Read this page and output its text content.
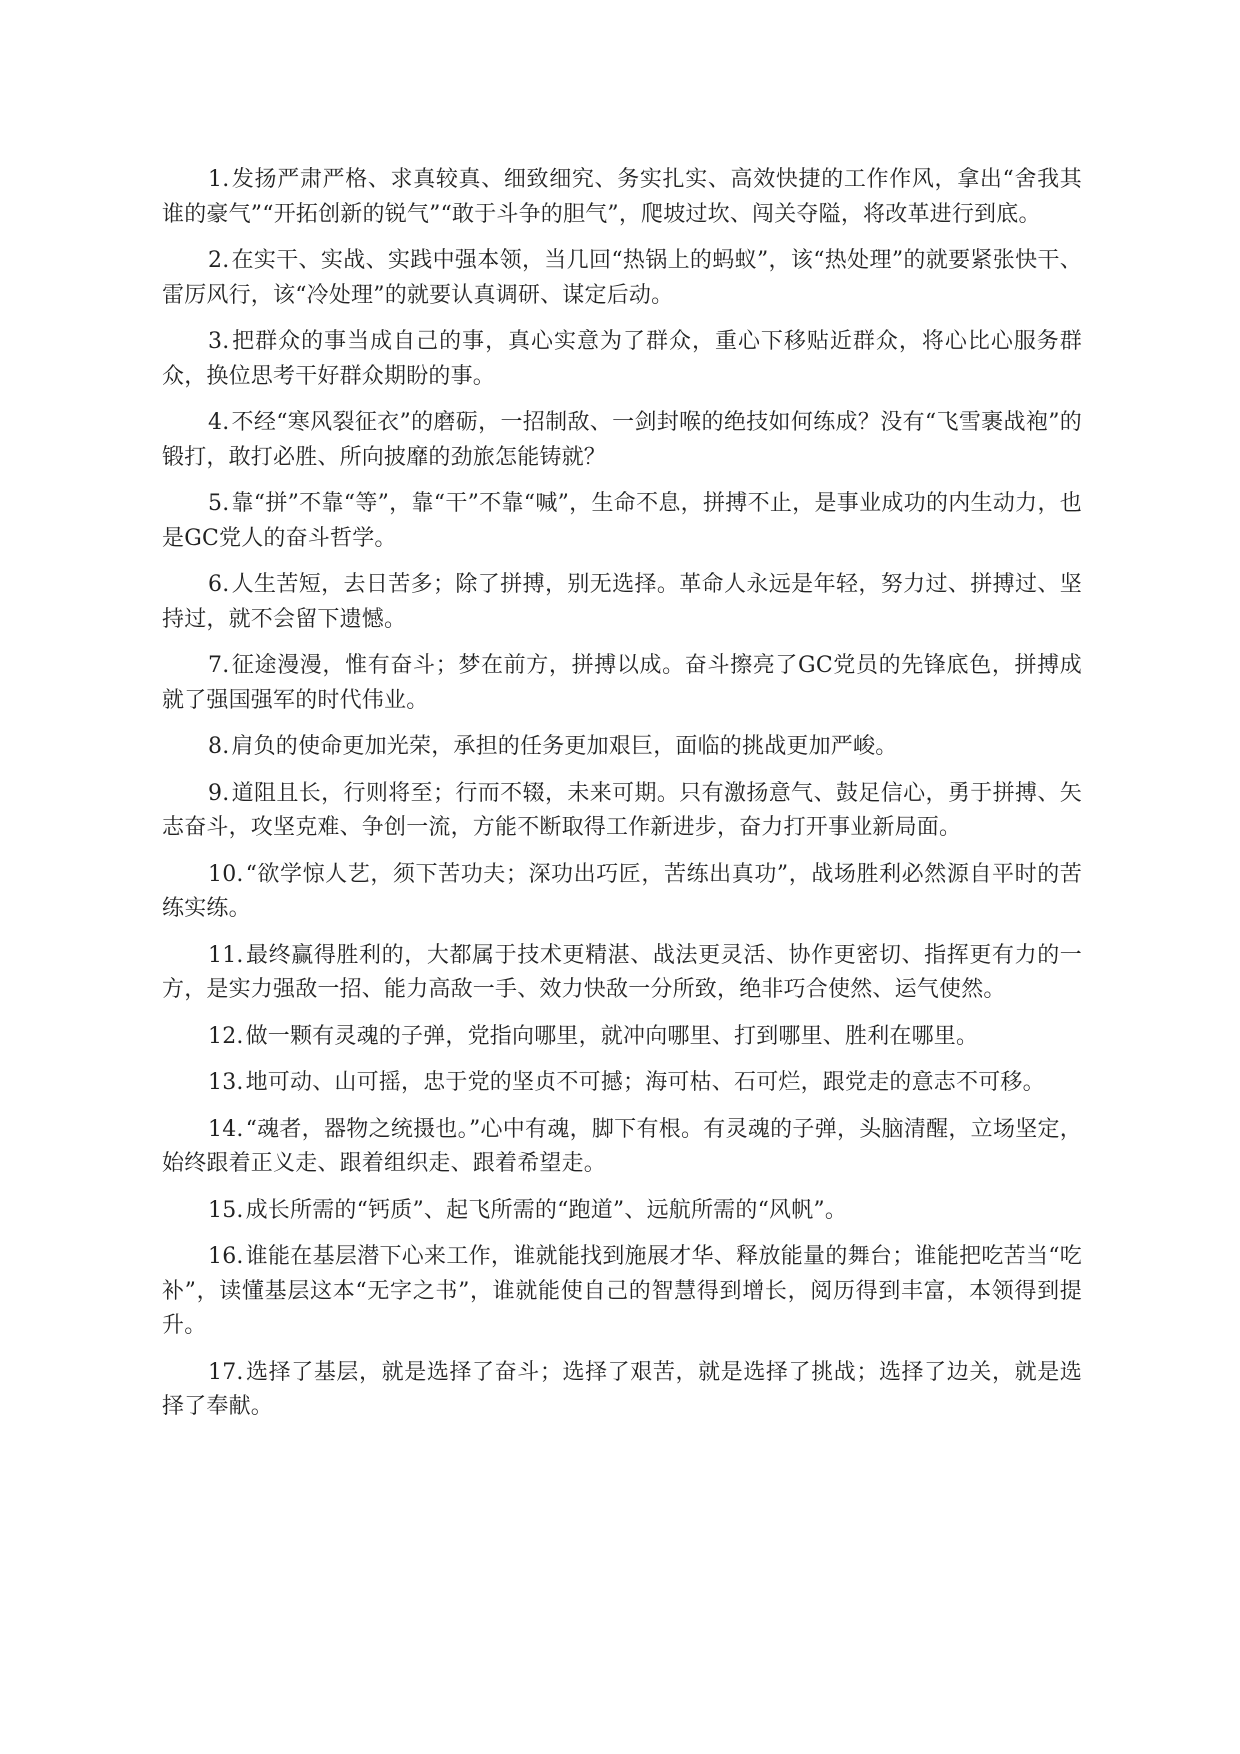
1.发扬严肃严格、求真较真、细致细究、务实扎实、高效快捷的工作作风，拿出“舍我其谁的豪气”“开拓创新的锐气”“敢于斗争的胆气”，爬坡过坎、闯关夺隘，将改革进行到底。

2.在实干、实战、实践中强本领，当几回“热锅上的蚂蚁”，该“热处理”的就要紧张快干、雷厉风行，该“冷处理”的就要认真调研、谋定后动。

3.把群众的事当成自己的事，真心实意为了群众，重心下移贴近群众，将心比心服务群众，换位思考干好群众期盼的事。

4.不经“寒风裂征衣”的磨砺，一招制敌、一剑封喉的绝技如何练成？没有“飞雪裹战袍”的锻打，敢打必胜、所向披靡的劲旅怎能铸就？

5.靠“拼”不靠“等”，靠“干”不靠“喊”，生命不息，拼搏不止，是事业成功的内生动力，也是GC党人的奋斗哲学。

6.人生苦短，去日苦多；除了拼搏，别无选择。革命人永远是年轻，努力过、拼搏过、坚持过，就不会留下遗憾。

7.征途漫漫，惟有奋斗；梦在前方，拼搏以成。奋斗擦亮了GC党员的先锋底色，拼搏成就了强国强军的时代伟业。

8.肩负的使命更加光荣，承担的任务更加艰巨，面临的挑战更加严峻。

9.道阻且长，行则将至；行而不辍，未来可期。只有激扬意气、鼓足信心，勇于拼搏、矢志奋斗，攻坚克难、争创一流，方能不断取得工作新进步，奋力打开事业新局面。

10.“欲学惊人艺，须下苦功夫；深功出巧匠，苦练出真功”，战场胜利必然源自平时的苦练实练。

11.最终赢得胜利的，大都属于技术更精湛、战法更灵活、协作更密切、指挥更有力的一方，是实力强敌一招、能力高敌一手、效力快敌一分所致，绝非巧合使然、运气使然。

12.做一颗有灵魂的子弹，党指向哪里，就冲向哪里、打到哪里、胜利在哪里。

13.地可动、山可摇，忠于党的坚贞不可撼；海可枯、石可烂，跟党走的意志不可移。

14.“魂者，器物之统摄也。”心中有魂，脚下有根。有灵魂的子弹，头脑清醒，立场坚定，始终跟着正义走、跟着组织走、跟着希望走。

15.成长所需的“钙质”、起飞所需的“跑道”、远航所需的“风帆”。

16.谁能在基层潜下心来工作，谁就能找到施展才华、释放能量的舞台；谁能把吃苦当“吃补”，读懂基层这本“无字之书”，谁就能使自己的智慧得到增长，阅历得到丰富，本领得到提升。

17.选择了基层，就是选择了奋斗；选择了艰苦，就是选择了挑战；选择了边关，就是选择了奉献。
